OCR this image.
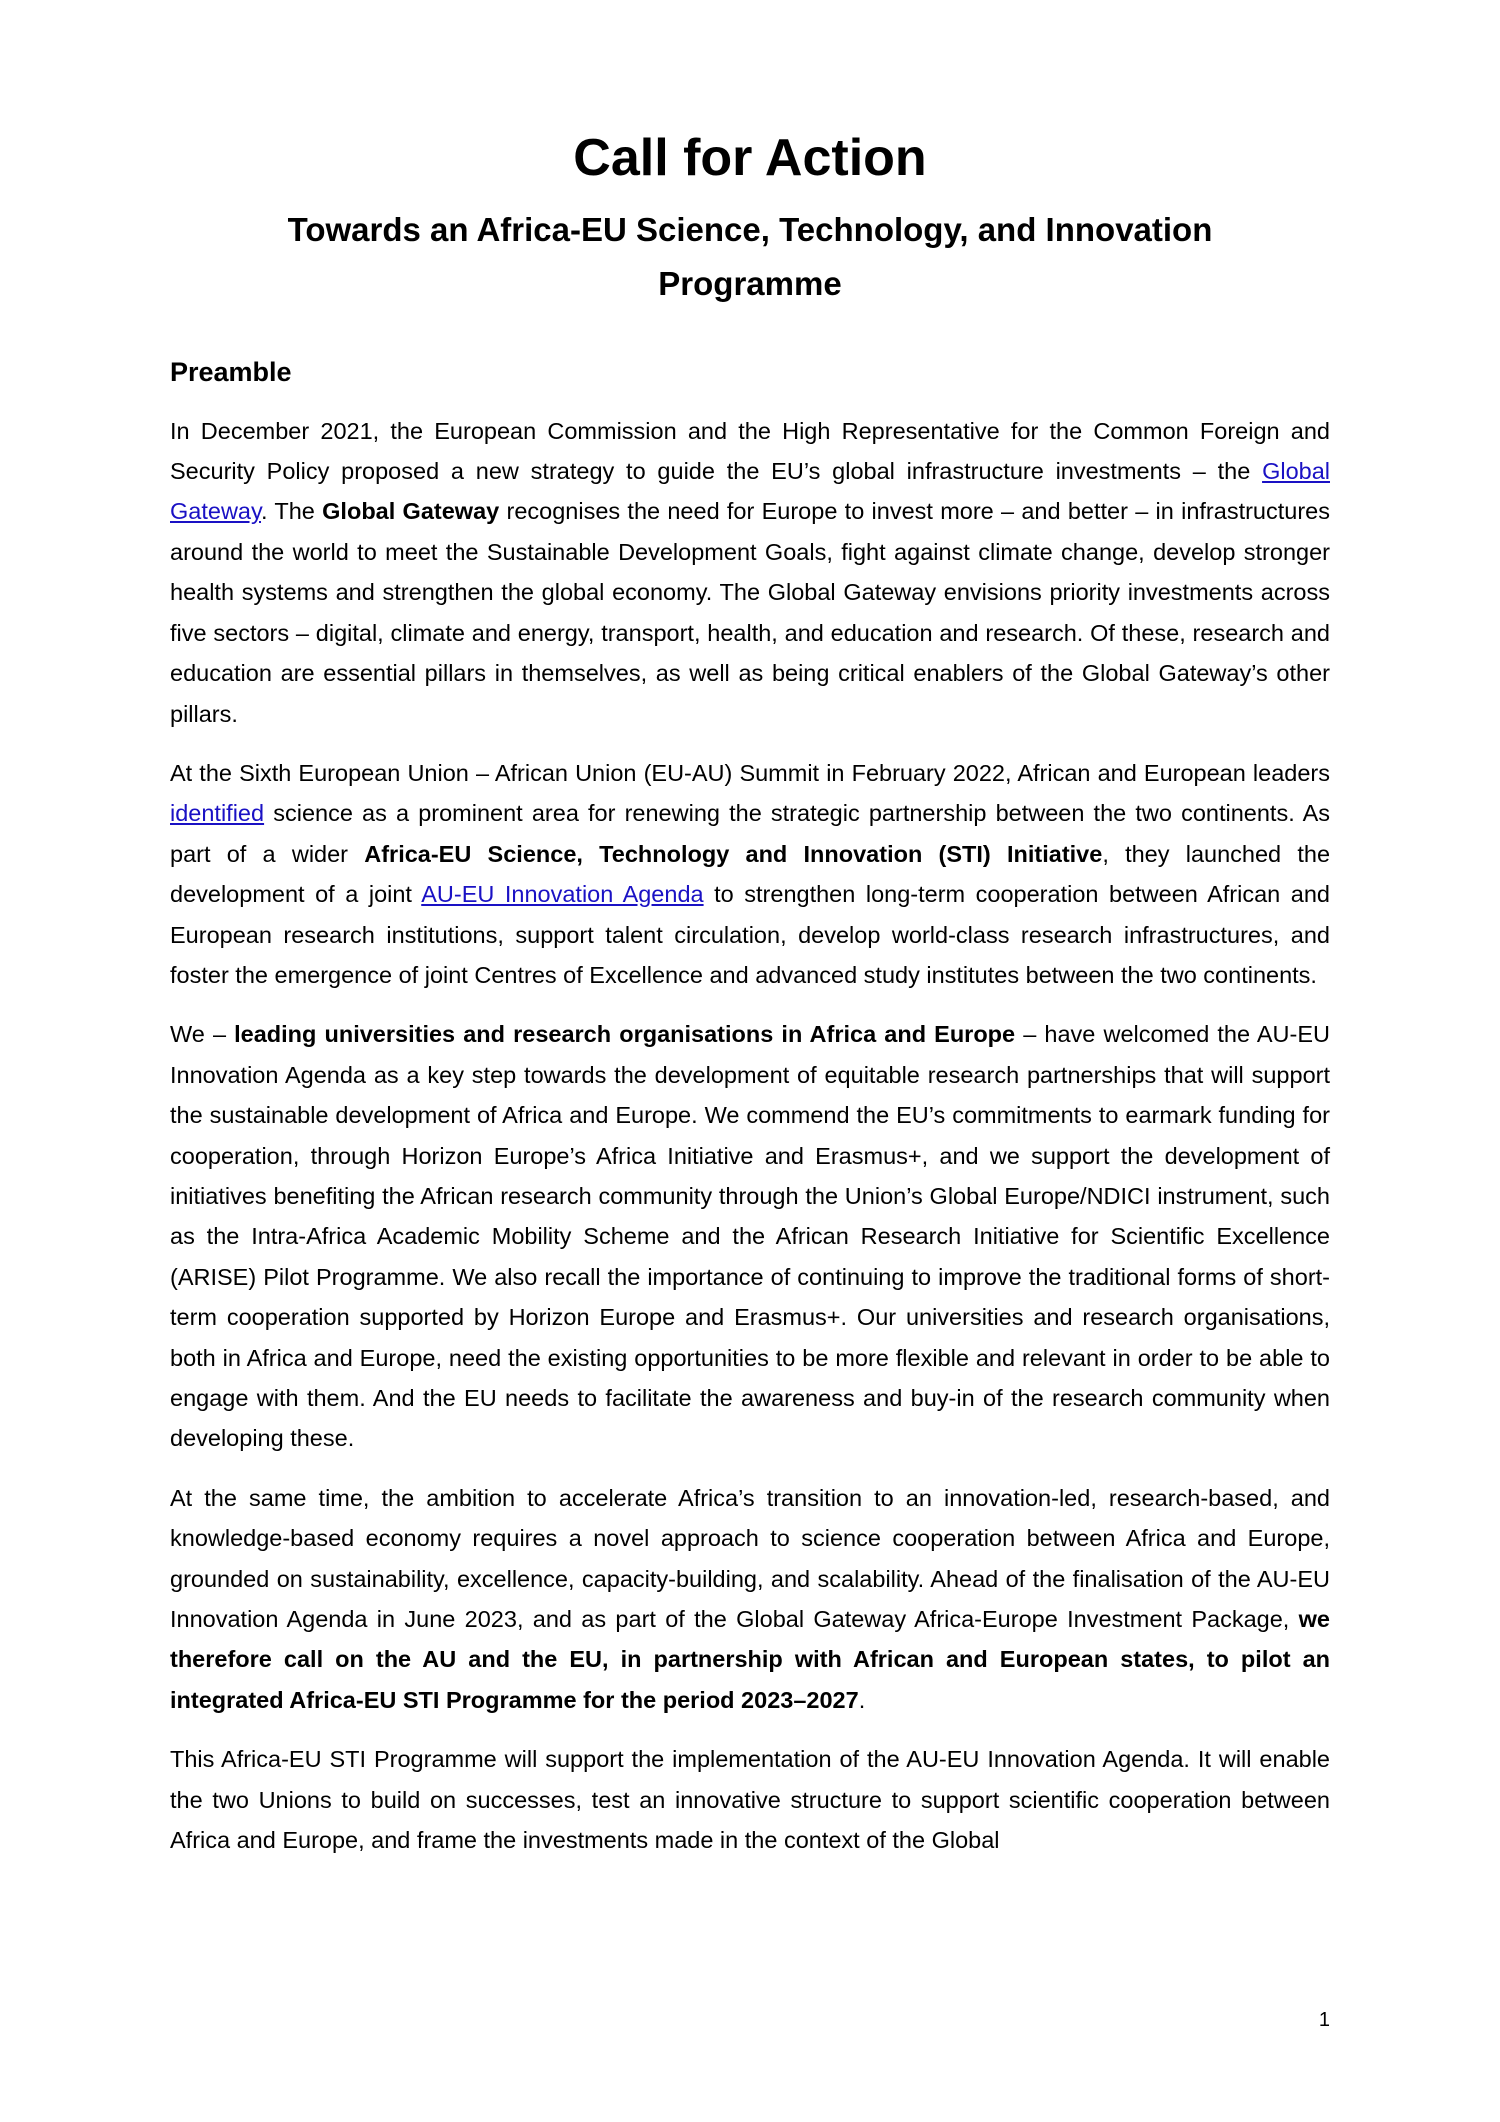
Call for Action
Towards an Africa-EU Science, Technology, and Innovation Programme
Preamble

In December 2021, the European Commission and the High Representative for the Common Foreign and Security Policy proposed a new strategy to guide the EU’s global infrastructure investments – the Global Gateway. The Global Gateway recognises the need for Europe to invest more – and better – in infrastructures around the world to meet the Sustainable Development Goals, fight against climate change, develop stronger health systems and strengthen the global economy. The Global Gateway envisions priority investments across five sectors – digital, climate and energy, transport, health, and education and research. Of these, research and education are essential pillars in themselves, as well as being critical enablers of the Global Gateway’s other pillars.

At the Sixth European Union – African Union (EU-AU) Summit in February 2022, African and European leaders identified science as a prominent area for renewing the strategic partnership between the two continents. As part of a wider Africa-EU Science, Technology and Innovation (STI) Initiative, they launched the development of a joint AU-EU Innovation Agenda to strengthen long-term cooperation between African and European research institutions, support talent circulation, develop world-class research infrastructures, and foster the emergence of joint Centres of Excellence and advanced study institutes between the two continents.

We – leading universities and research organisations in Africa and Europe – have welcomed the AU-EU Innovation Agenda as a key step towards the development of equitable research partnerships that will support the sustainable development of Africa and Europe. We commend the EU’s commitments to earmark funding for cooperation, through Horizon Europe’s Africa Initiative and Erasmus+, and we support the development of initiatives benefiting the African research community through the Union’s Global Europe/NDICI instrument, such as the Intra-Africa Academic Mobility Scheme and the African Research Initiative for Scientific Excellence (ARISE) Pilot Programme. We also recall the importance of continuing to improve the traditional forms of short-term cooperation supported by Horizon Europe and Erasmus+. Our universities and research organisations, both in Africa and Europe, need the existing opportunities to be more flexible and relevant in order to be able to engage with them. And the EU needs to facilitate the awareness and buy-in of the research community when developing these.

At the same time, the ambition to accelerate Africa’s transition to an innovation-led, research-based, and knowledge-based economy requires a novel approach to science cooperation between Africa and Europe, grounded on sustainability, excellence, capacity-building, and scalability. Ahead of the finalisation of the AU-EU Innovation Agenda in June 2023, and as part of the Global Gateway Africa-Europe Investment Package, we therefore call on the AU and the EU, in partnership with African and European states, to pilot an integrated Africa-EU STI Programme for the period 2023–2027.

This Africa-EU STI Programme will support the implementation of the AU-EU Innovation Agenda. It will enable the two Unions to build on successes, test an innovative structure to support scientific cooperation between Africa and Europe, and frame the investments made in the context of the Global

1
